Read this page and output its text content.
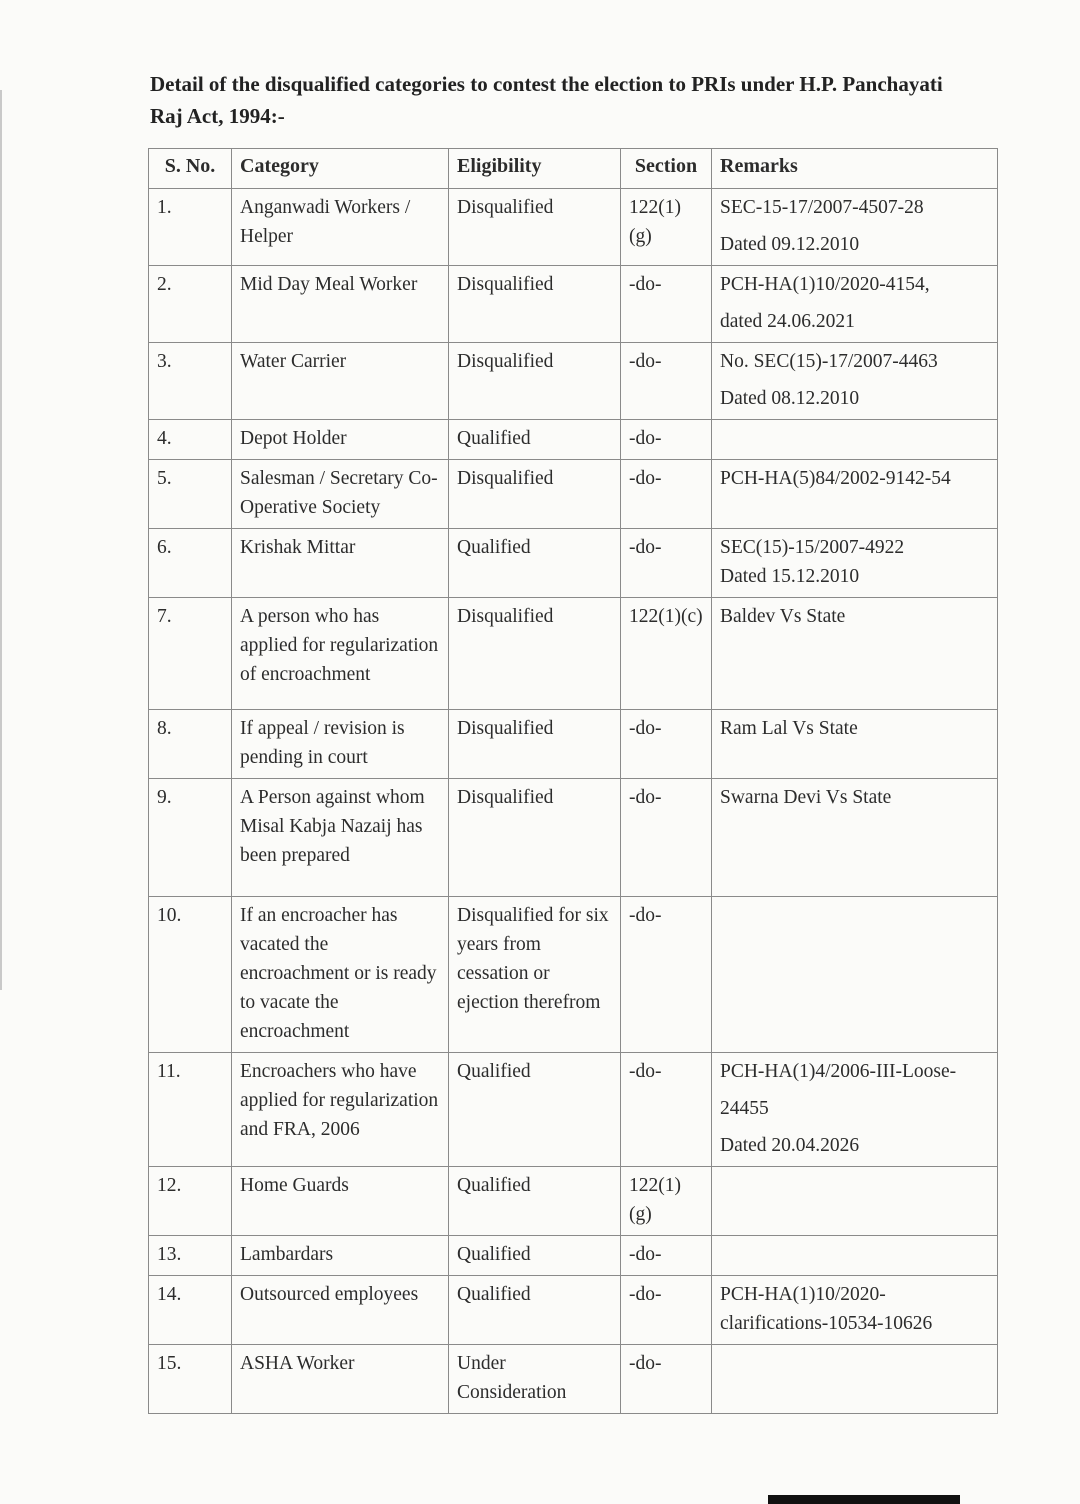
Detail of the disqualified categories to contest the election to PRIs under H.P. Panchayati Raj Act, 1994:-
S. No.	Category	Eligibility	Section	Remarks
1.	Anganwadi Workers / Helper	Disqualified	122(1)(g)	SEC-15-17/2007-4507-28
Dated 09.12.2010

2.	Mid Day Meal Worker	Disqualified	-do-	PCH-HA(1)10/2020-4154,
dated 24.06.2021

3.	Water Carrier	Disqualified	-do-	No. SEC(15)-17/2007-4463
Dated 08.12.2010

4.	Depot Holder	Qualified	-do-	
5.	Salesman / Secretary Co-Operative Society	Disqualified	-do-	PCH-HA(5)84/2002-9142-54

6.	Krishak Mittar	Qualified	-do-	SEC(15)-15/2007-4922
Dated 15.12.2010

7.	A person who has applied for regularization of encroachment	Disqualified	122(1)(c)	Baldev Vs State

8.	If appeal / revision is pending in court	Disqualified	-do-	Ram Lal Vs State

9.	A Person against whom Misal Kabja Nazaij has been prepared	Disqualified	-do-	Swarna Devi Vs State

10.	If an encroacher has vacated the encroachment or is ready to vacate the encroachment	Disqualified for six years from cessation or ejection therefrom	-do-	
11.	Encroachers who have applied for regularization and FRA, 2006	Qualified	-do-	PCH-HA(1)4/2006-III-Loose-
24455
Dated 20.04.2026

12.	Home Guards	Qualified	122(1)(g)	
13.	Lambardars	Qualified	-do-	
14.	Outsourced employees	Qualified	-do-	PCH-HA(1)10/2020-
clarifications-10534-10626

15.	ASHA Worker	Under Consideration	-do-	
